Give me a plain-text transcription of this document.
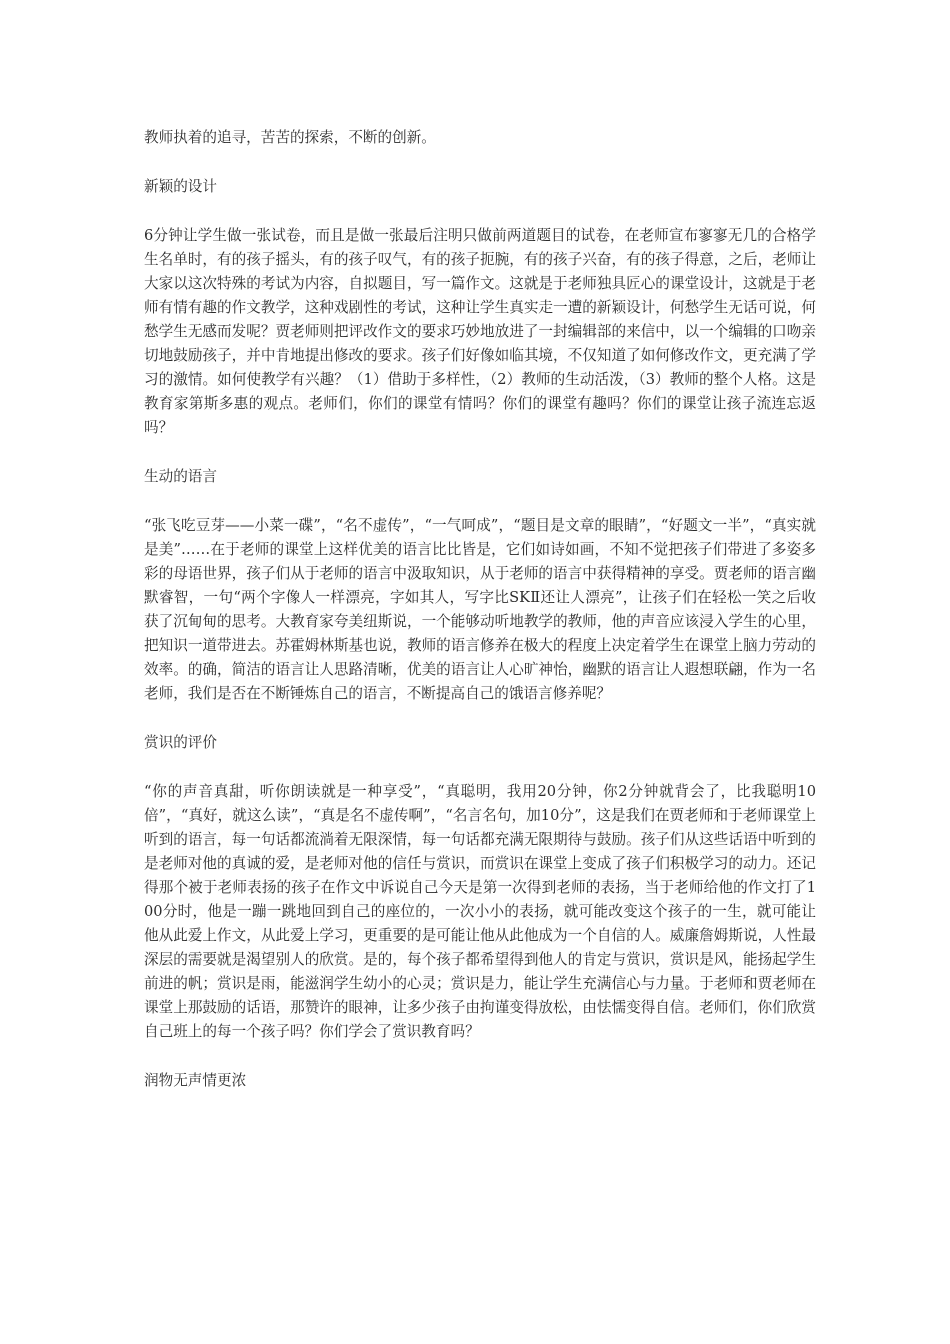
教师执着的追寻，苦苦的探索，不断的创新。

新颖的设计

6分钟让学生做一张试卷，而且是做一张最后注明只做前两道题目的试卷，在老师宣布寥寥无几的合格学生名单时，有的孩子摇头，有的孩子叹气，有的孩子扼腕，有的孩子兴奋，有的孩子得意，之后，老师让大家以这次特殊的考试为内容，自拟题目，写一篇作文。这就是于老师独具匠心的课堂设计，这就是于老师有情有趣的作文教学，这种戏剧性的考试，这种让学生真实走一遭的新颖设计，何愁学生无话可说，何愁学生无感而发呢？贾老师则把评改作文的要求巧妙地放进了一封编辑部的来信中，以一个编辑的口吻亲切地鼓励孩子，并中肯地提出修改的要求。孩子们好像如临其境，不仅知道了如何修改作文，更充满了学习的激情。如何使教学有兴趣？（1）借助于多样性，（2）教师的生动活泼，（3）教师的整个人格。这是教育家第斯多惠的观点。老师们，你们的课堂有情吗？你们的课堂有趣吗？你们的课堂让孩子流连忘返吗？

生动的语言

“张飞吃豆芽——小菜一碟”，“名不虚传”，“一气呵成”，“题目是文章的眼睛”，“好题文一半”，“真实就是美”……在于老师的课堂上这样优美的语言比比皆是，它们如诗如画，不知不觉把孩子们带进了多姿多彩的母语世界，孩子们从于老师的语言中汲取知识，从于老师的语言中获得精神的享受。贾老师的语言幽默睿智，一句“两个字像人一样漂亮，字如其人，写字比SKⅡ还让人漂亮”，让孩子们在轻松一笑之后收获了沉甸甸的思考。大教育家夸美纽斯说，一个能够动听地教学的教师，他的声音应该浸入学生的心里，把知识一道带进去。苏霍姆林斯基也说，教师的语言修养在极大的程度上决定着学生在课堂上脑力劳动的效率。的确，简洁的语言让人思路清晰，优美的语言让人心旷神怡，幽默的语言让人遐想联翩，作为一名老师，我们是否在不断锤炼自己的语言，不断提高自己的饿语言修养呢？

赏识的评价

“你的声音真甜，听你朗读就是一种享受”，“真聪明，我用20分钟，你2分钟就背会了，比我聪明10倍”，“真好，就这么读”，“真是名不虚传啊”，“名言名句，加10分”，这是我们在贾老师和于老师课堂上听到的语言，每一句话都流淌着无限深情，每一句话都充满无限期待与鼓励。孩子们从这些话语中听到的是老师对他的真诚的爱，是老师对他的信任与赏识，而赏识在课堂上变成了孩子们积极学习的动力。还记得那个被于老师表扬的孩子在作文中诉说自己今天是第一次得到老师的表扬，当于老师给他的作文打了100分时，他是一蹦一跳地回到自己的座位的，一次小小的表扬，就可能改变这个孩子的一生，就可能让他从此爱上作文，从此爱上学习，更重要的是可能让他从此他成为一个自信的人。威廉詹姆斯说，人性最深层的需要就是渴望别人的欣赏。是的，每个孩子都希望得到他人的肯定与赏识，赏识是风，能扬起学生前进的帆；赏识是雨，能滋润学生幼小的心灵；赏识是力，能让学生充满信心与力量。于老师和贾老师在课堂上那鼓励的话语，那赞许的眼神，让多少孩子由拘谨变得放松，由怯懦变得自信。老师们，你们欣赏自己班上的每一个孩子吗？你们学会了赏识教育吗？

润物无声情更浓
